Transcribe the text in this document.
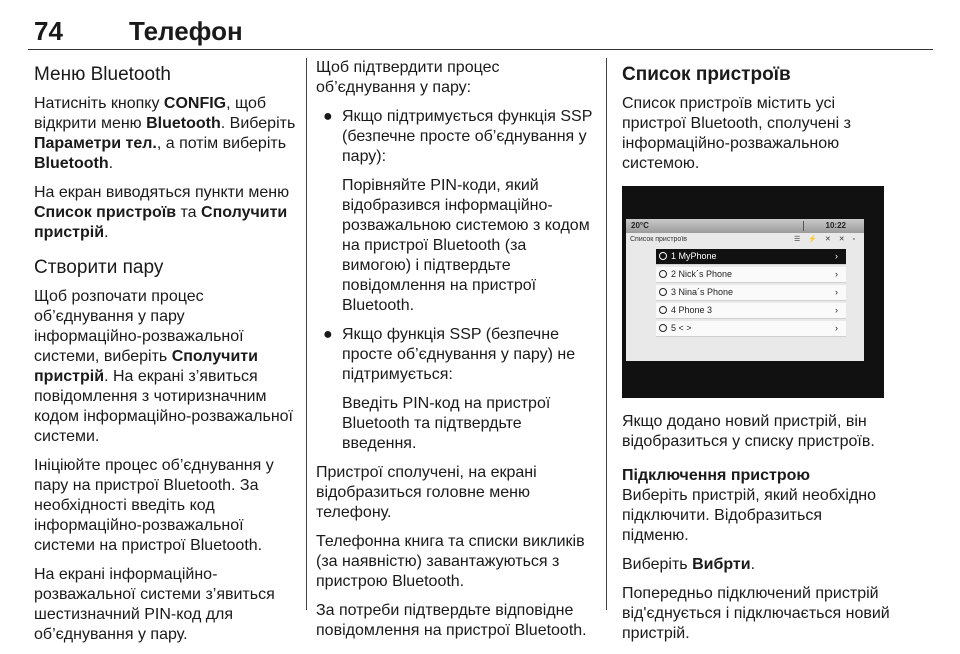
74	Телефон
Меню Bluetooth

Натисніть кнопку CONFIG, щоб відкрити меню Bluetooth. Виберіть Параметри тел., а потім виберіть Bluetooth.

На екран виводяться пункти меню Список пристроїв та Сполучити пристрій.

Створити пару

Щоб розпочати процес об’єднування у пару інформаційно-розважальної системи, виберіть Сполучити пристрій. На екрані з’явиться повідомлення з чотиризначним кодом інформаційно-розважальної системи.

Ініціюйте процес об’єднування у пару на пристрої Bluetooth. За необхідності введіть код інформаційно-розважальної системи на пристрої Bluetooth.

На екрані інформаційно-розважальної системи з’явиться шестизначний PIN-код для об’єднування у пару.

Щоб підтвердити процес об’єднування у пару:

● Якщо підтримується функція SSP (безпечне просте об’єднування у пару):

Порівняйте PIN-коди, який відобразився інформаційно-розважальною системою з кодом на пристрої Bluetooth (за вимогою) і підтвердьте повідомлення на пристрої Bluetooth.

● Якщо функція SSP (безпечне просте об’єднування у пару) не підтримується:

Введіть PIN-код на пристрої Bluetooth та підтвердьте введення.

Пристрої сполучені, на екрані відобразиться головне меню телефону.

Телефонна книга та списки викликів (за наявністю) завантажуються з пристрою Bluetooth.

За потреби підтвердьте відповідне повідомлення на пристрої Bluetooth.

Список пристроїв

Список пристроїв містить усі пристрої Bluetooth, сполучені з інформаційно-розважальною системою.

20°C	10:22
Список пристроїв	☰ ⚡ ✕ ✕ ▫
1 MyPhone	›
2 Nick´s Phone	›
3 Nina´s Phone	›
4 Phone 3	›
5 < >	›

Якщо додано новий пристрій, він відобразиться у списку пристроїв.

Підключення пристрою

Виберіть пристрій, який необхідно підключити. Відобразиться підменю.

Виберіть Вибрти.

Попередньо підключений пристрій від'єднується і підключається новий пристрій.
